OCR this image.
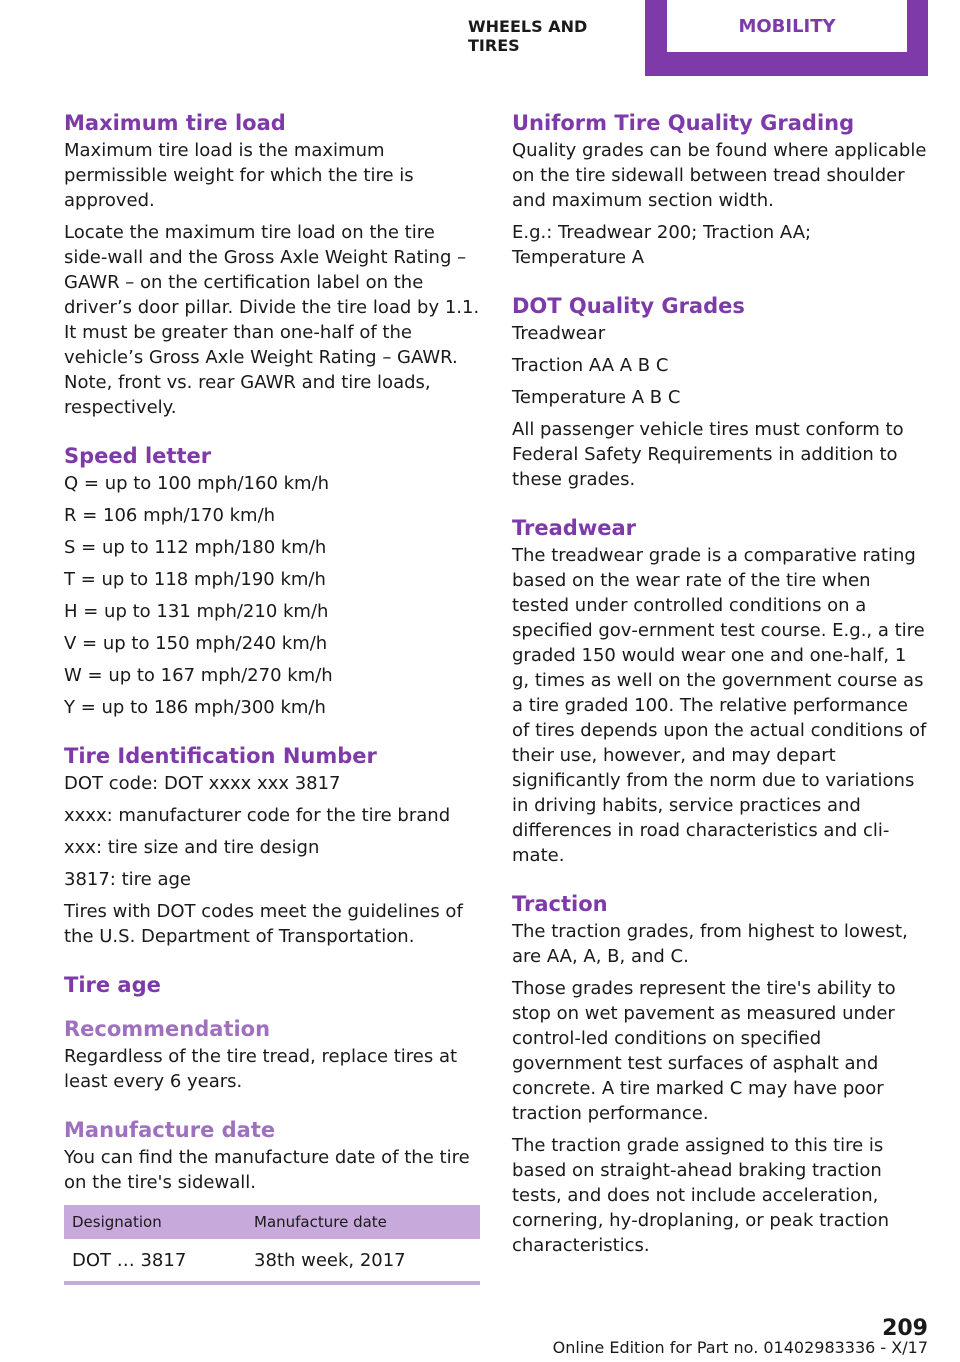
WHEELS AND TIRES
MOBILITY
Maximum tire load

Maximum tire load is the maximum permissible weight for which the tire is approved.

Locate the maximum tire load on the tire side‐wall and the Gross Axle Weight Rating – GAWR – on the certification label on the driver’s door pillar. Divide the tire load by 1.1. It must be greater than one-half of the vehicle’s Gross Axle Weight Rating – GAWR. Note, front vs. rear GAWR and tire loads, respectively.

Speed letter

Q = up to 100 mph/160 km/h

R = 106 mph/170 km/h

S = up to 112 mph/180 km/h

T = up to 118 mph/190 km/h

H = up to 131 mph/210 km/h

V = up to 150 mph/240 km/h

W = up to 167 mph/270 km/h

Y = up to 186 mph/300 km/h

Tire Identification Number

DOT code: DOT xxxx xxx 3817

xxxx: manufacturer code for the tire brand

xxx: tire size and tire design

3817: tire age

Tires with DOT codes meet the guidelines of the U.S. Department of Transportation.

Tire age
Recommendation

Regardless of the tire tread, replace tires at least every 6 years.

Manufacture date

You can find the manufacture date of the tire on the tire's sidewall.

Designation	Manufacture date
DOT … 3817	38th week, 2017
Uniform Tire Quality Grading

Quality grades can be found where applicable on the tire sidewall between tread shoulder and maximum section width.

E.g.: Treadwear 200; Traction AA; Temperature A

DOT Quality Grades

Treadwear

Traction AA A B C

Temperature A B C

All passenger vehicle tires must conform to Federal Safety Requirements in addition to these grades.

Treadwear

The treadwear grade is a comparative rating based on the wear rate of the tire when tested under controlled conditions on a specified gov‐ernment test course. E.g., a tire graded 150 would wear one and one-half, 1 g, times as well on the government course as a tire graded 100. The relative performance of tires depends upon the actual conditions of their use, however, and may depart significantly from the norm due to variations in driving habits, service practices and differences in road characteristics and cli‐mate.

Traction

The traction grades, from highest to lowest, are AA, A, B, and C.

Those grades represent the tire's ability to stop on wet pavement as measured under control‐led conditions on specified government test surfaces of asphalt and concrete. A tire marked C may have poor traction performance.

The traction grade assigned to this tire is based on straight-ahead braking traction tests, and does not include acceleration, cornering, hy‐droplaning, or peak traction characteristics.

209
Online Edition for Part no. 01402983336 - X/17
